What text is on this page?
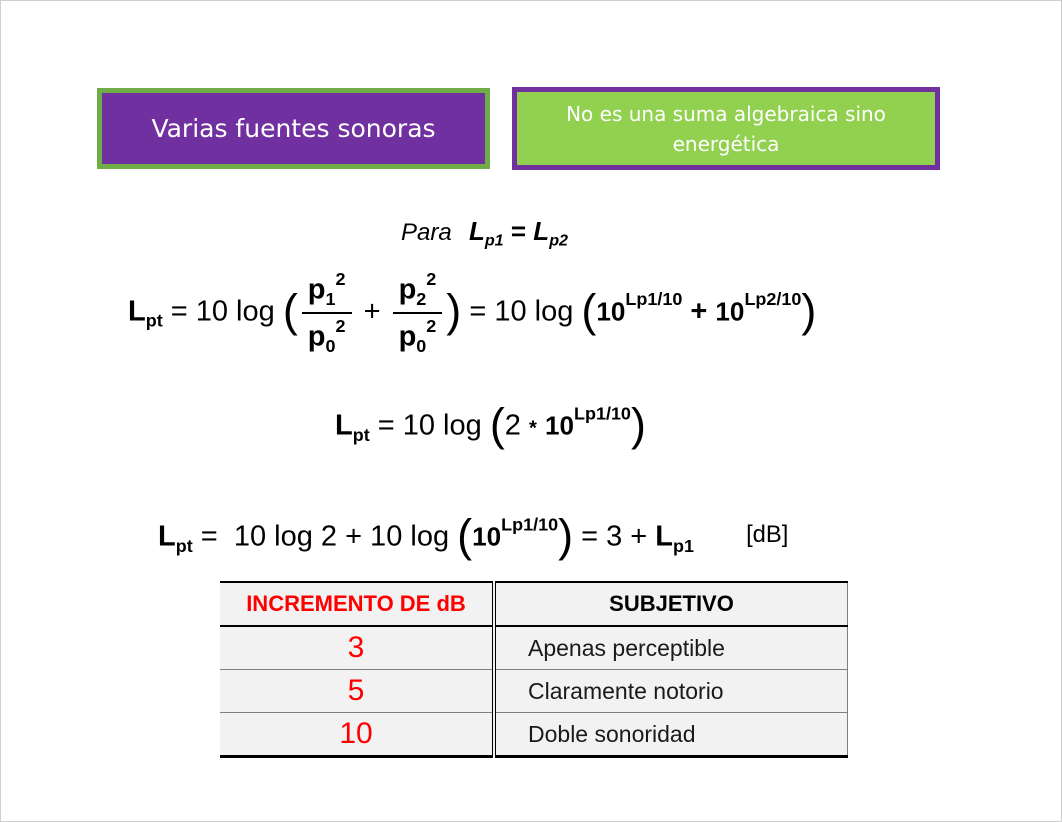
Varias fuentes sonoras
No es una suma algebraica sino energética
Para $L_{p1} = L_{p2}$
$L_{pt} = 10$ log ( $\frac{p_1^2}{p_0^2} + \frac{p_2^2}{p_0^2}$ ) = 10 $\log (10^{Lp1/10} + 10^{Lp2/10})$
$L_{pt} = 10$ $\log (2 * 10^{Lp1/10})$
$L_{pt} = 10$ log 2 + 10 $\log (10^{Lp1/10}) = 3 + L_{p1}$ [dB]
INCREMENTO DE dB	SUBJETIVO
3	Apenas perceptible
5	Claramente notorio
10	Doble sonoridad
